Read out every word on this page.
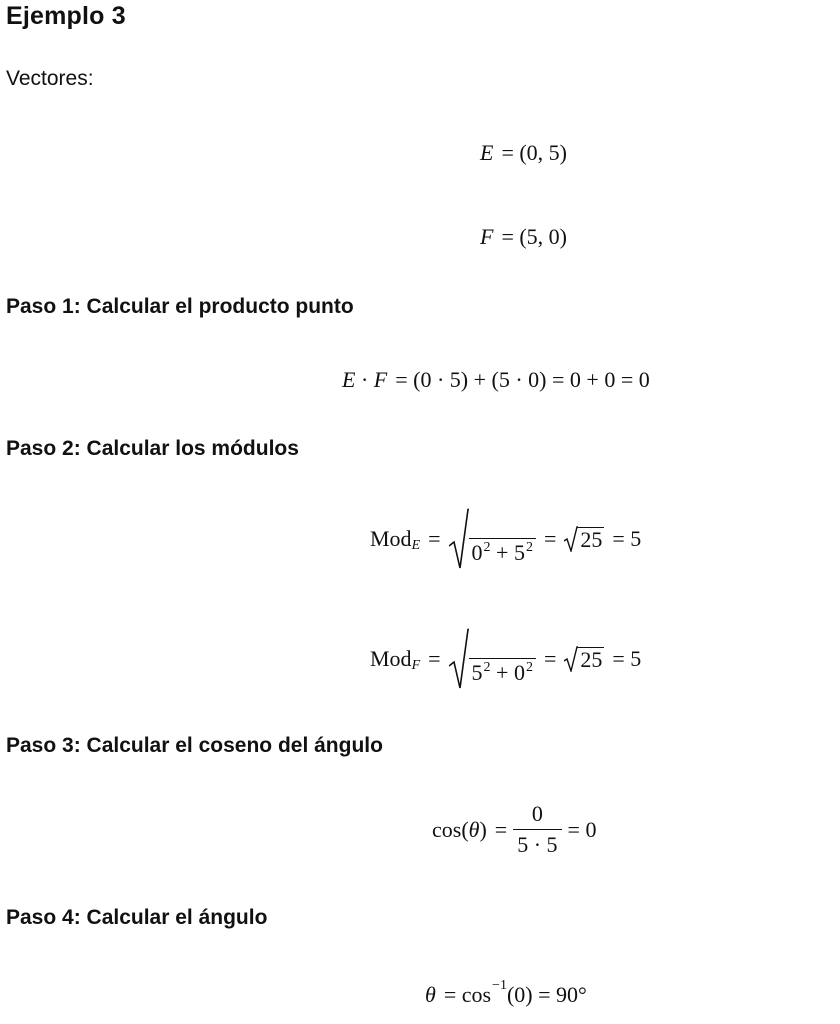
Ejemplo 3
Vectores:
E = (0, 5)
F = (5, 0)
Paso 1: Calcular el producto punto
E · F = (0 · 5) + (5 · 0) = 0 + 0 = 0
Paso 2: Calcular los módulos
Mod E =
$0^2 + 5^2 = 25 = 5$
Mod F =
$5^2 + 0^2 = 25 = 5$
Paso 3: Calcular el coseno del ángulo
cos( θ ) = $\frac{0}{5 \cdot 5} = 0$
Paso 4: Calcular el ángulo
θ = cos −1 (0) = 90°
